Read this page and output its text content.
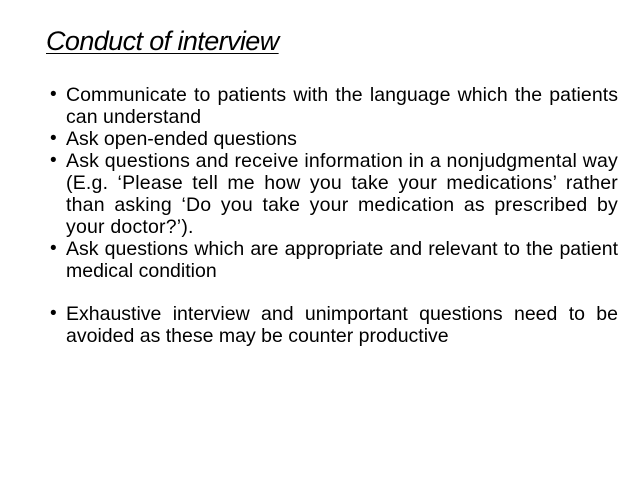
Conduct of interview
• Communicate to patients with the language which the patients can understand
• Ask open-ended questions
• Ask questions and receive information in a nonjudgmental way (E.g. ‘Please tell me how you take your medications’ rather than asking ‘Do you take your medication as prescribed by your doctor?’).
• Ask questions which are appropriate and relevant to the patient medical condition
• Exhaustive interview and unimportant questions need to be avoided as these may be counter productive
